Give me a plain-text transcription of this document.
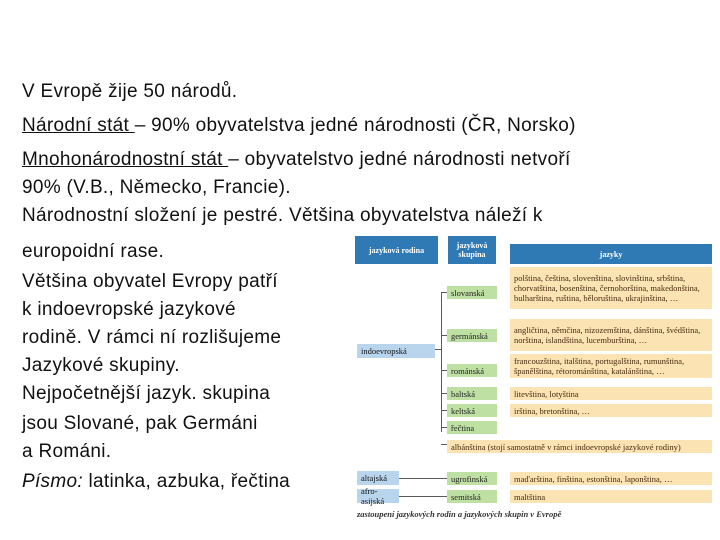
V Evropě žije 50 národů.
Národní stát – 90% obyvatelstva jedné národnosti (ČR, Norsko)
Mnohonárodnostní stát – obyvatelstvo jedné národnosti netvoří
90% (V.B., Německo, Francie).
Národnostní složení je pestré. Většina obyvatelstva náleží k
europoidní rase.
Většina obyvatel Evropy patří
k indoevropské jazykové
rodině. V rámci ní rozlišujeme
Jazykové skupiny.
Nejpočetnější jazyk. skupina
jsou Slované, pak Germáni
a Románi.
Písmo: latinka, azbuka, řečtina
jazyková rodina	jazyková skupina	jazyky
indoevropská
altajská
afro-asijská
slovanská
germánská
románská
baltská
keltská
řečtina
ugrofinská
semitská
polština, čeština, slovenština, slovinština, srbština, chorvatština, bosenština, černohorština, makedonština, bulharština, ruština, běloruština, ukrajinština, …
angličtina, němčina, nizozemština, dánština, švédština, norština, islandština, lucemburština, …
francouzština, italština, portugalština, rumunština, španělština, rétorománština, katalánština, …
litevština, lotyština
irština, bretonština, …
albánština (stojí samostatně v rámci indoevropské jazykové rodiny)
maďarština, finština, estonština, laponština, …
maltština
zastoupení jazykových rodin a jazykových skupin v Evropě
